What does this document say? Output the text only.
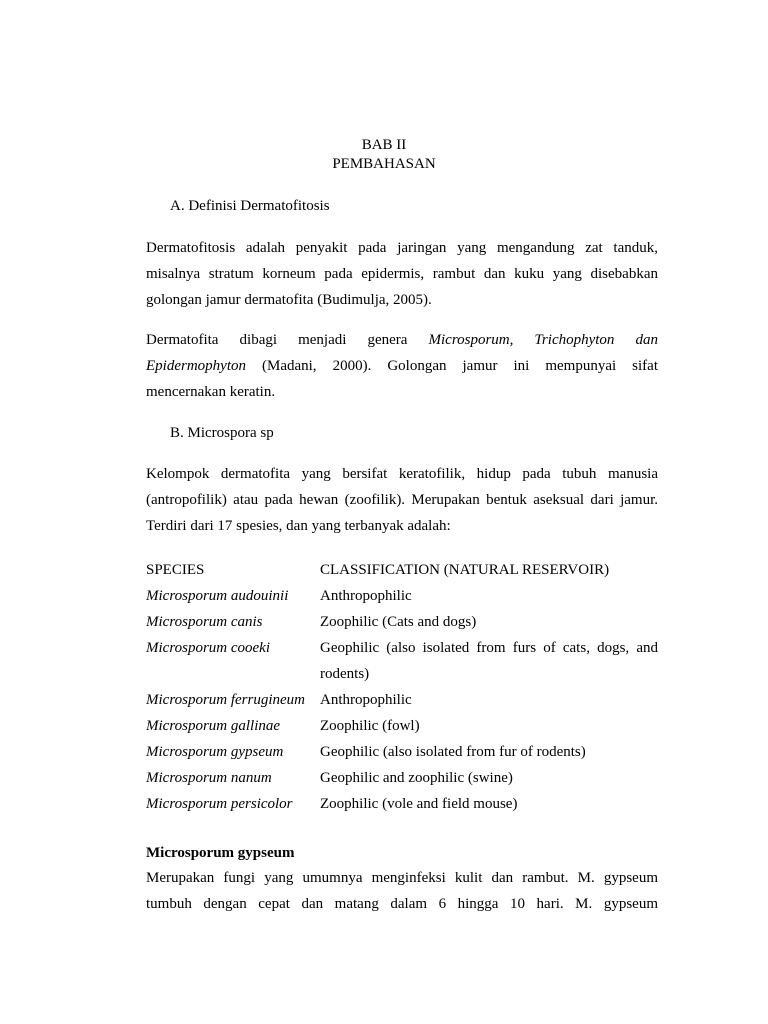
BAB II
PEMBAHASAN
A. Definisi Dermatofitosis
Dermatofitosis adalah penyakit pada jaringan yang mengandung zat tanduk,
misalnya stratum korneum pada epidermis, rambut dan kuku yang disebabkan
golongan jamur dermatofita (Budimulja, 2005).
Dermatofita dibagi menjadi genera Microsporum, Trichophyton dan
Epidermophyton (Madani, 2000). Golongan jamur ini mempunyai sifat
mencernakan keratin.
B. Microspora sp
Kelompok dermatofita yang bersifat keratofilik, hidup pada tubuh manusia
(antropofilik) atau pada hewan (zoofilik). Merupakan bentuk aseksual dari jamur.
Terdiri dari 17 spesies, dan yang terbanyak adalah:
SPECIES	CLASSIFICATION (NATURAL RESERVOIR)
Microsporum audouinii	Anthropophilic
Microsporum canis	Zoophilic (Cats and dogs)
Microsporum cooeki	Geophilic (also isolated from furs of cats, dogs, and
rodents)
Microsporum ferrugineum Anthropophilic
Microsporum gallinae	Zoophilic (fowl)
Microsporum gypseum	Geophilic (also isolated from fur of rodents)
Microsporum nanum	Geophilic and zoophilic (swine)
Microsporum persicolor	Zoophilic (vole and field mouse)
Microsporum gypseum
Merupakan fungi yang umumnya menginfeksi kulit dan rambut. M. gypseum
tumbuh dengan cepat dan matang dalam 6 hingga 10 hari. M. gypseum
